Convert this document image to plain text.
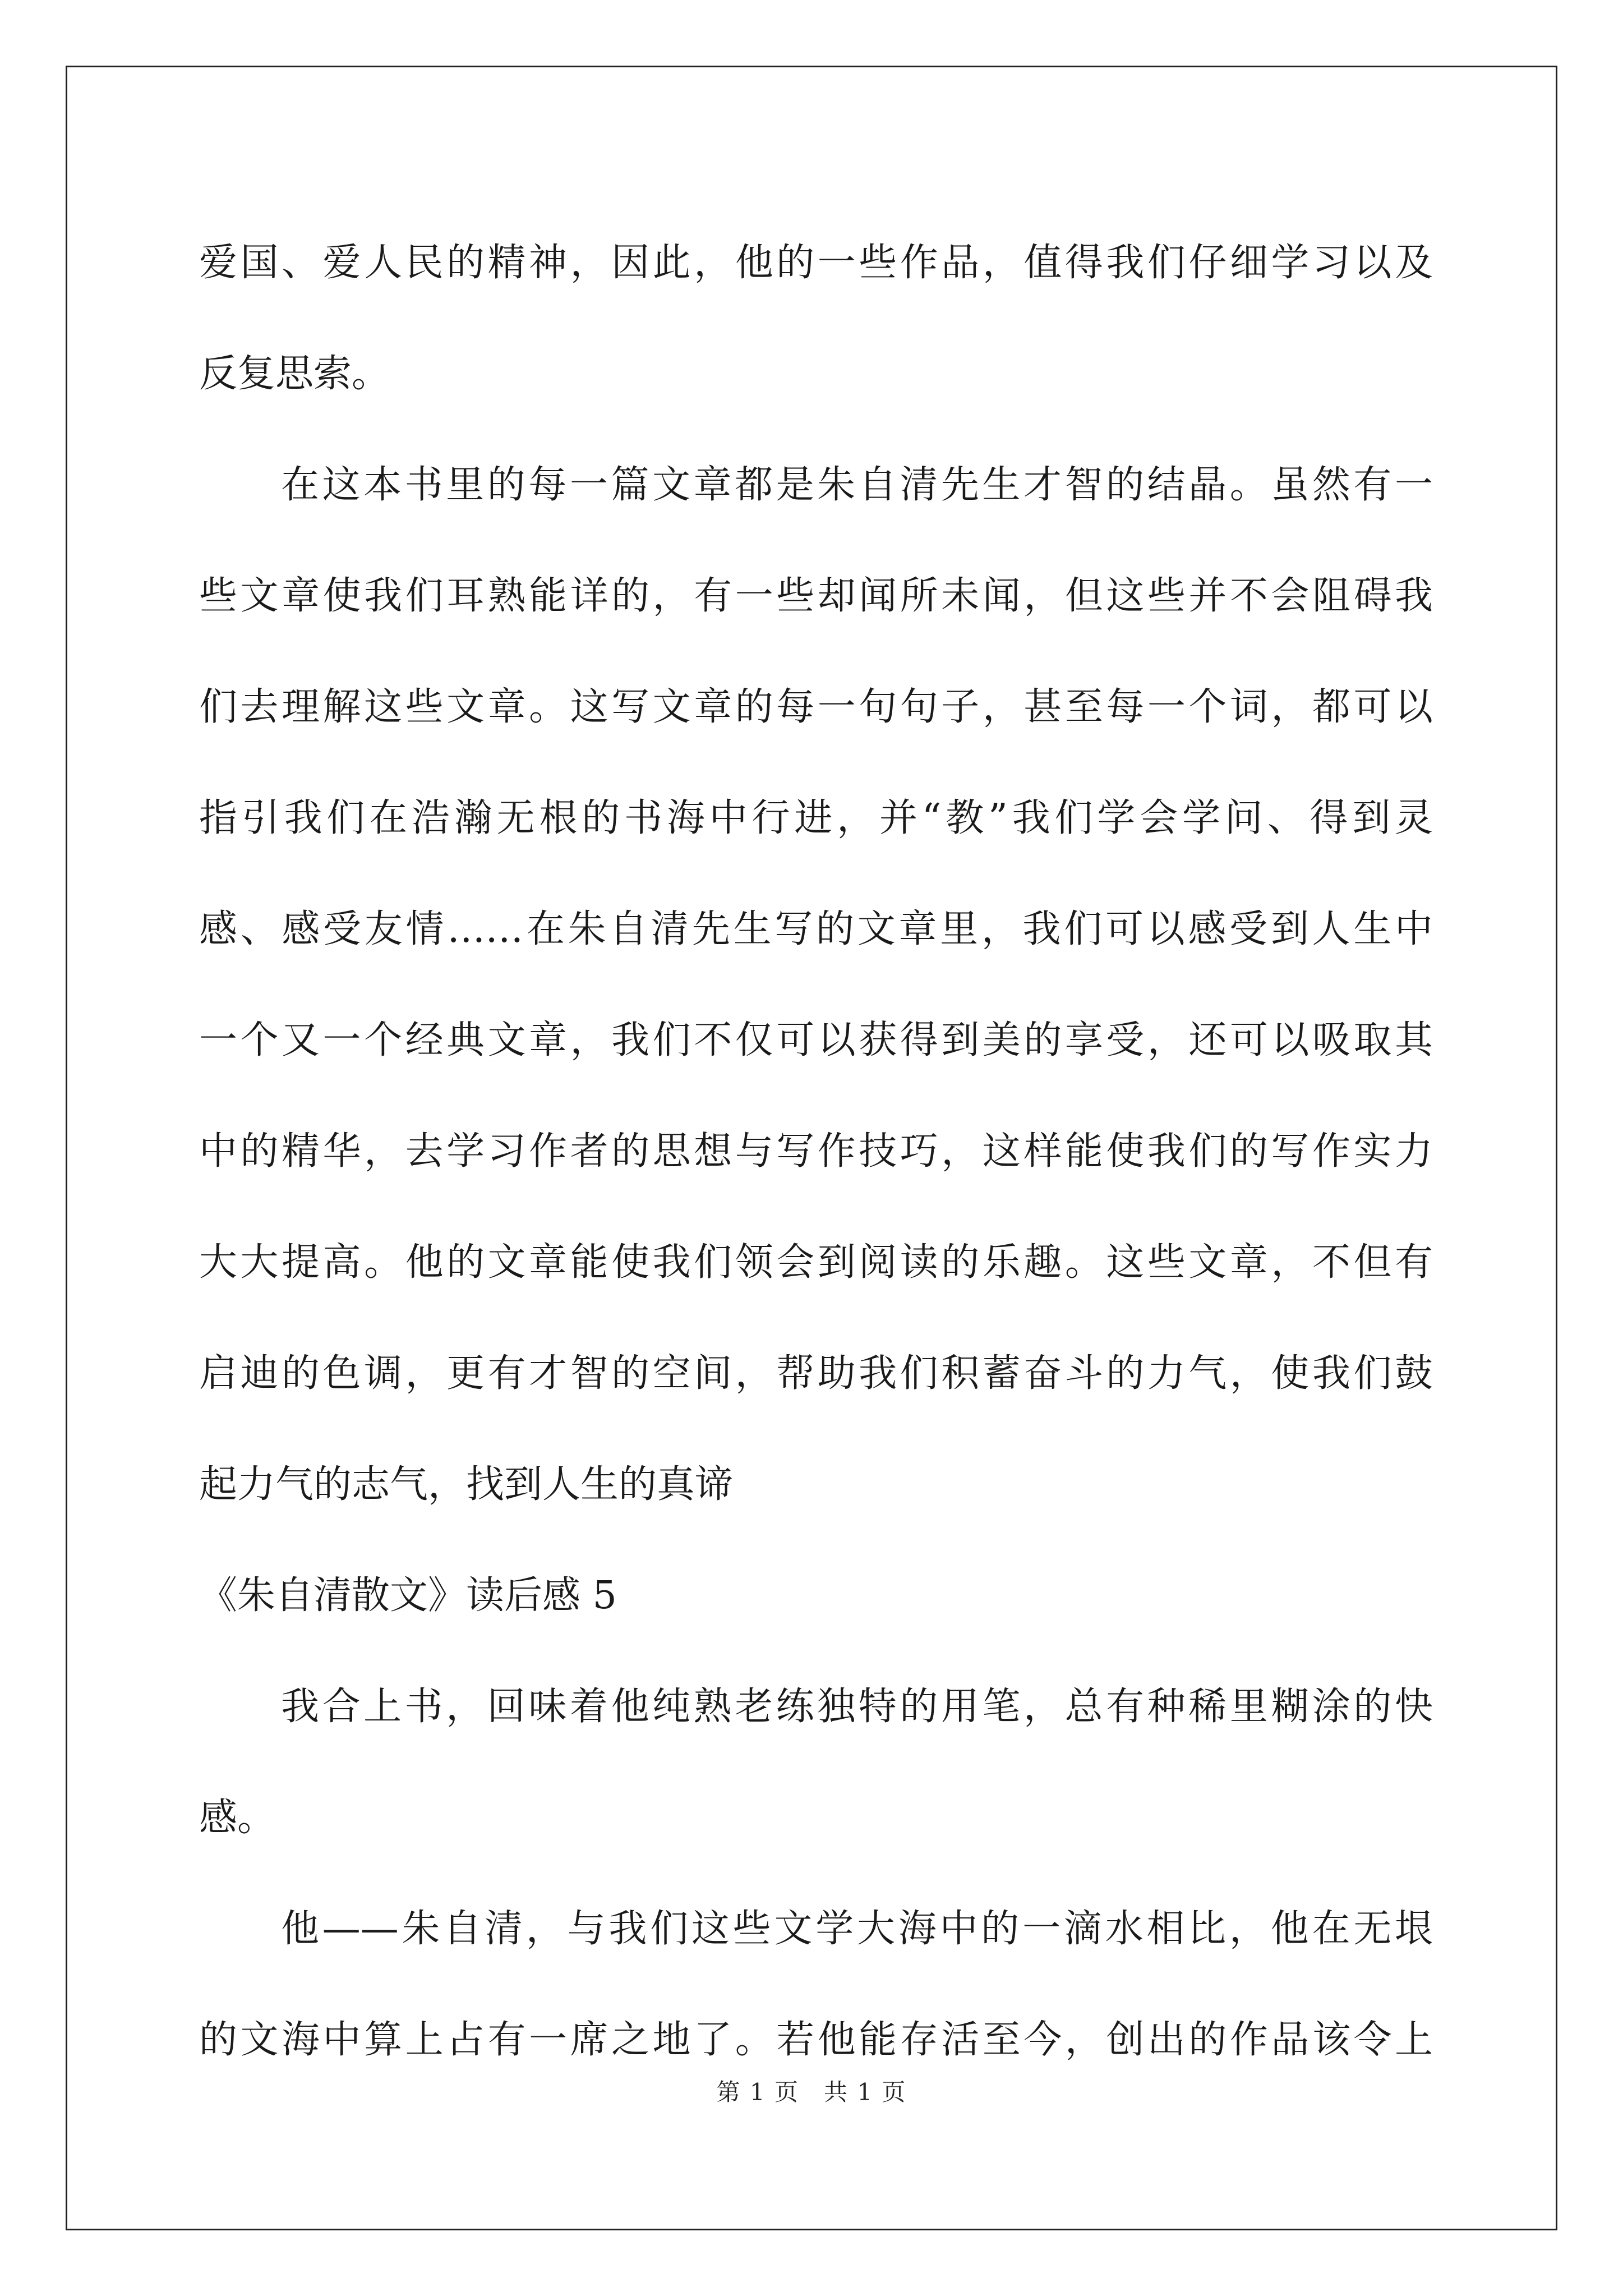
爱国、爱人民的精神，因此，他的一些作品，值得我们仔细学习以及
反复思索。
在这本书里的每一篇文章都是朱自清先生才智的结晶。虽然有一
些文章使我们耳熟能详的，有一些却闻所未闻，但这些并不会阻碍我
们去理解这些文章。这写文章的每一句句子，甚至每一个词，都可以
指引我们在浩瀚无根的书海中行进，并“教”我们学会学问、得到灵
感、感受友情……在朱自清先生写的文章里，我们可以感受到人生中
一个又一个经典文章，我们不仅可以获得到美的享受，还可以吸取其
中的精华，去学习作者的思想与写作技巧，这样能使我们的写作实力
大大提高。他的文章能使我们领会到阅读的乐趣。这些文章，不但有
启迪的色调，更有才智的空间，帮助我们积蓄奋斗的力气，使我们鼓
起力气的志气，找到人生的真谛
《朱自清散文》读后感 5
我合上书，回味着他纯熟老练独特的用笔，总有种稀里糊涂的快
感。
他——朱自清，与我们这些文学大海中的一滴水相比，他在无垠
的文海中算上占有一席之地了。若他能存活至今，创出的作品该令上
第 1 页　共 1 页
